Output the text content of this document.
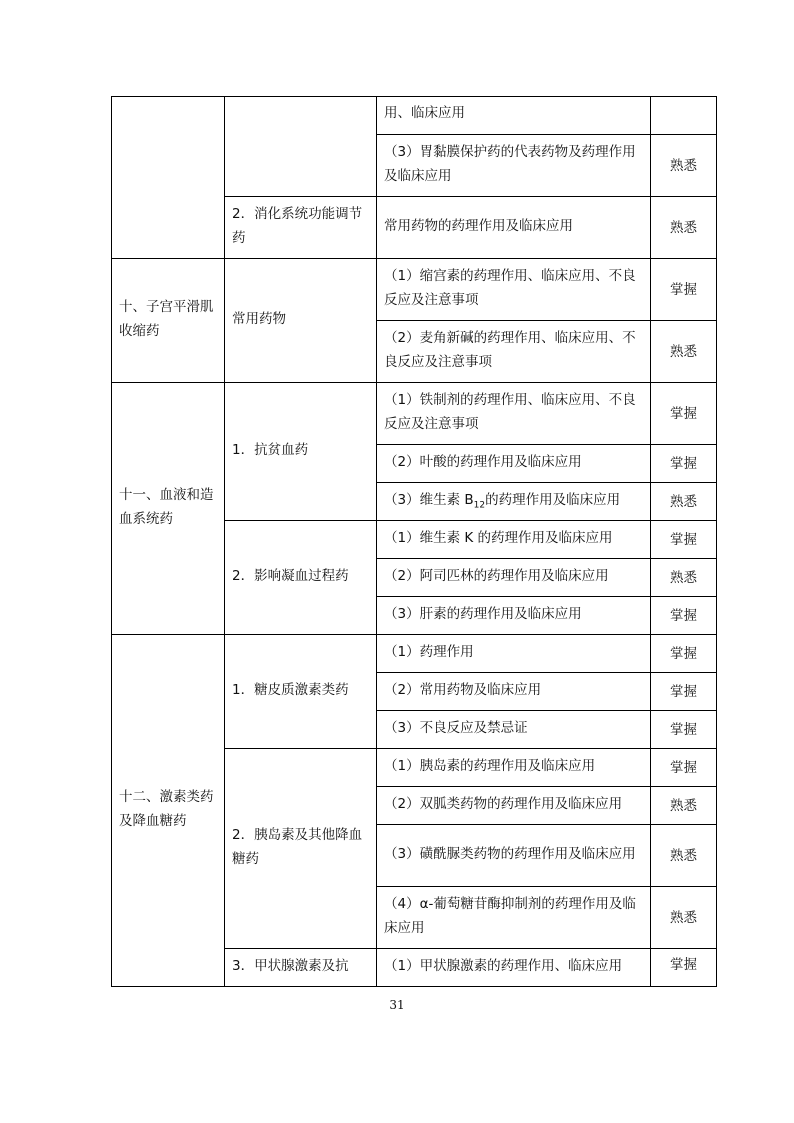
		用、临床应用	
		（3）胃黏膜保护药的代表药物及药理作用及临床应用	熟悉
	2．消化系统功能调节药	常用药物的药理作用及临床应用	熟悉
十、子宫平滑肌收缩药	常用药物	（1）缩宫素的药理作用、临床应用、不良反应及注意事项	掌握
		（2）麦角新碱的药理作用、临床应用、不良反应及注意事项	熟悉
十一、血液和造血系统药	1．抗贫血药	（1）铁制剂的药理作用、临床应用、不良反应及注意事项	掌握
		（2）叶酸的药理作用及临床应用	掌握
		（3）维生素 $B_{12}$的药理作用及临床应用	熟悉
	2．影响凝血过程药	（1）维生素 K 的药理作用及临床应用	掌握
		（2）阿司匹林的药理作用及临床应用	熟悉
		（3）肝素的药理作用及临床应用	掌握
十二、激素类药及降血糖药	1．糖皮质激素类药	（1）药理作用	掌握
		（2）常用药物及临床应用	掌握
		（3）不良反应及禁忌证	掌握
	2．胰岛素及其他降血糖药	（1）胰岛素的药理作用及临床应用	掌握
		（2）双胍类药物的药理作用及临床应用	熟悉
		（3）磺酰脲类药物的药理作用及临床应用	熟悉
		（4）α-葡萄糖苷酶抑制剂的药理作用及临床应用	熟悉
	3．甲状腺激素及抗	（1）甲状腺激素的药理作用、临床应用	掌握
31
